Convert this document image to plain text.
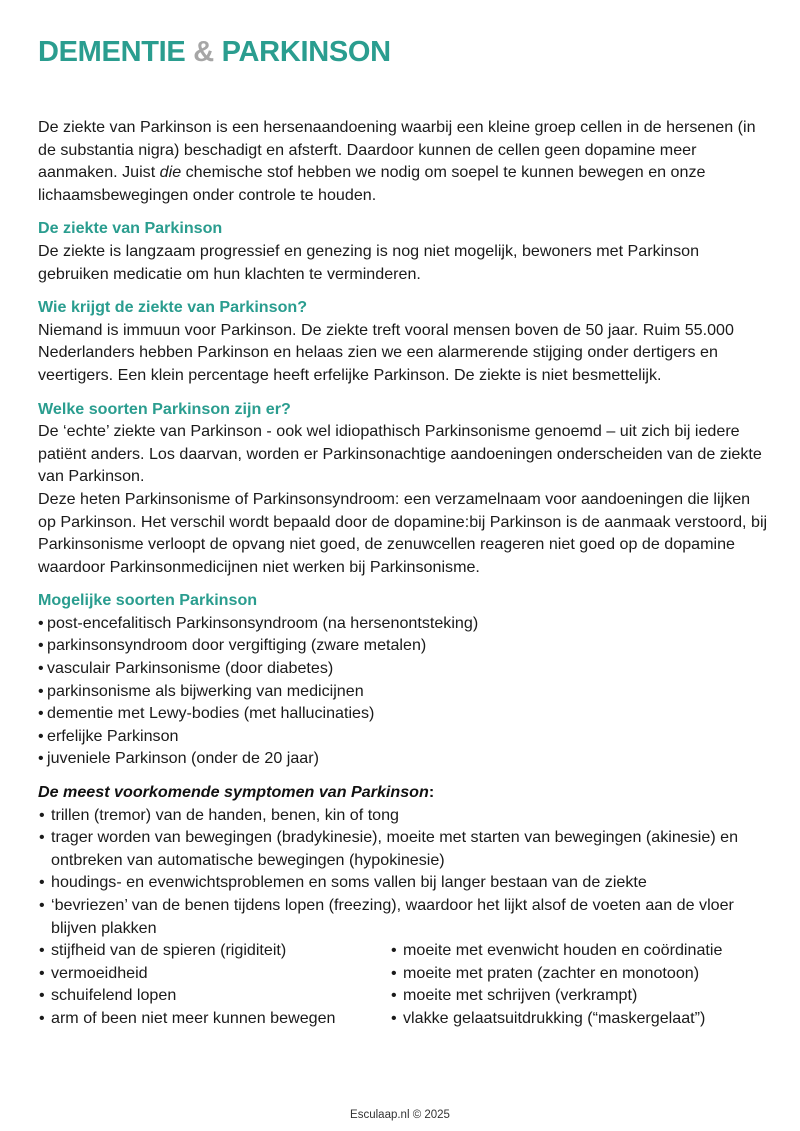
DEMENTIE & PARKINSON

De ziekte van Parkinson is een hersenaandoening waarbij een kleine groep cellen in de hersenen (in de substantia nigra) beschadigt en afsterft. Daardoor kunnen de cellen geen dopamine meer aanmaken. Juist die chemische stof hebben we nodig om soepel te kunnen bewegen en onze lichaamsbewegingen onder controle te houden.

De ziekte van Parkinson

De ziekte is langzaam progressief en genezing is nog niet mogelijk, bewoners met Parkinson gebruiken medicatie om hun klachten te verminderen.

Wie krijgt de ziekte van Parkinson?

Niemand is immuun voor Parkinson. De ziekte treft vooral mensen boven de 50 jaar. Ruim 55.000 Nederlanders hebben Parkinson en helaas zien we een alarmerende stijging onder dertigers en veertigers. Een klein percentage heeft erfelijke Parkinson. De ziekte is niet besmettelijk.

Welke soorten Parkinson zijn er?

De ‘echte’ ziekte van Parkinson - ook wel idiopathisch Parkinsonisme genoemd – uit zich bij iedere patiënt anders. Los daarvan, worden er Parkinsonachtige aandoeningen onderscheiden van de ziekte van Parkinson.

Deze heten Parkinsonisme of Parkinsonsyndroom: een verzamelnaam voor aandoeningen die lijken op Parkinson. Het verschil wordt bepaald door de dopamine:bij Parkinson is de aanmaak verstoord, bij Parkinsonisme verloopt de opvang niet goed, de zenuwcellen reageren niet goed op de dopamine waardoor Parkinsonmedicijnen niet werken bij Parkinsonisme.

Mogelijke soorten Parkinson
• post-encefalitisch Parkinsonsyndroom (na hersenontsteking)
• parkinsonsyndroom door vergiftiging (zware metalen)
• vasculair Parkinsonisme (door diabetes)
• parkinsonisme als bijwerking van medicijnen
• dementie met Lewy-bodies (met hallucinaties)
• erfelijke Parkinson
• juveniele Parkinson (onder de 20 jaar)
De meest voorkomende symptomen van Parkinson:
• trillen (tremor) van de handen, benen, kin of tong
• trager worden van bewegingen (bradykinesie), moeite met starten van bewegingen (akinesie) en ontbreken van automatische bewegingen (hypokinesie)
• houdings- en evenwichtsproblemen en soms vallen bij langer bestaan van de ziekte
• ‘bevriezen’ van de benen tijdens lopen (freezing), waardoor het lijkt alsof de voeten aan de vloer blijven plakken
• stijfheid van de spieren (rigiditeit)
• vermoeidheid
• schuifelend lopen
• arm of been niet meer kunnen bewegen
• moeite met evenwicht houden en coördinatie
• moeite met praten (zachter en monotoon)
• moeite met schrijven (verkrampt)
• vlakke gelaatsuitdrukking (“maskergelaat”)
Esculaap.nl © 2025
